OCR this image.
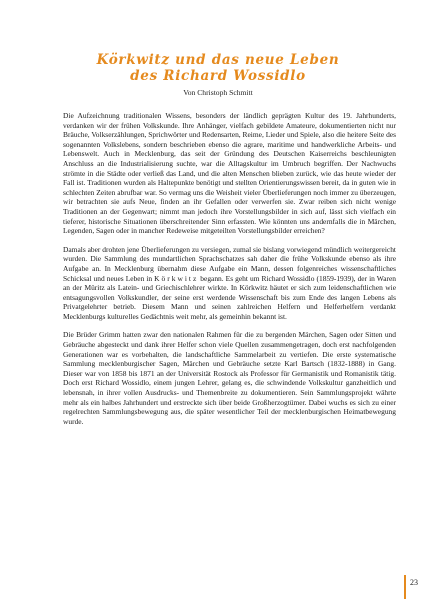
Körkwitz und das neue Leben
des Richard Wossidlo
Von Christoph Schmitt

Die Aufzeichnung traditionalen Wissens, besonders der ländlich geprägten Kultur des 19. Jahrhunderts, verdanken wir der frühen Volkskunde. Ihre Anhänger, vielfach gebildete Amateure, dokumentierten nicht nur Bräuche, Volkserzählungen, Sprichwörter und Redensarten, Reime, Lieder und Spiele, also die heitere Seite des sogenannten Volkslebens, sondern beschrieben ebenso die agrare, maritime und handwerkliche Arbeits- und Lebenswelt. Auch in Mecklenburg, das seit der Gründung des Deutschen Kaiserreichs beschleunigten Anschluss an die Industrialisierung suchte, war die Alltagskultur im Umbruch begriffen. Der Nachwuchs strömte in die Städte oder verließ das Land, und die alten Menschen blieben zurück, wie das heute wieder der Fall ist. Traditionen wurden als Haltepunkte benötigt und stellten Orientierungswissen bereit, da in guten wie in schlechten Zeiten abrufbar war. So vermag uns die Weisheit vieler Überlieferungen noch immer zu überzeugen, wir betrachten sie aufs Neue, finden an ihr Gefallen oder verwerfen sie. Zwar reiben sich nicht wenige Traditionen an der Gegenwart; nimmt man jedoch ihre Vorstellungsbilder in sich auf, lässt sich vielfach ein tieferer, historische Situationen überschreitender Sinn erfassten. Wie könnten uns andernfalls die in Märchen, Legenden, Sagen oder in mancher Redeweise mitgeteilten Vorstellungsbilder erreichen?

Damals aber drohten jene Überlieferungen zu versiegen, zumal sie bislang vorwiegend mündlich weitergereicht wurden. Die Sammlung des mundartlichen Sprachschatzes sah daher die frühe Volkskunde ebenso als ihre Aufgabe an. In Mecklenburg übernahm diese Aufgabe ein Mann, dessen folgenreiches wissenschaftliches Schicksal und neues Leben in Körkwitz begann. Es geht um Richard Wossidlo (1859-1939), der in Waren an der Müritz als Latein- und Griechischlehrer wirkte. In Körkwitz häutet er sich zum leidenschaftlichen wie entsagungsvollen Volkskundler, der seine erst werdende Wissenschaft bis zum Ende des langen Lebens als Privatgelehrter betrieb. Diesem Mann und seinen zahlreichen Helfern und Helferhelfern verdankt Mecklenburgs kulturelles Gedächtnis weit mehr, als gemeinhin bekannt ist.

Die Brüder Grimm hatten zwar den nationalen Rahmen für die zu bergenden Märchen, Sagen oder Sitten und Gebräuche abgesteckt und dank ihrer Helfer schon viele Quellen zusammengetragen, doch erst nachfolgenden Generationen war es vorbehalten, die landschaftliche Sammelarbeit zu vertiefen. Die erste systematische Sammlung mecklenburgischer Sagen, Märchen und Gebräuche setzte Karl Bartsch (1832-1888) in Gang. Dieser war von 1858 bis 1871 an der Universität Rostock als Professor für Germanistik und Romanistik tätig. Doch erst Richard Wossidlo, einem jungen Lehrer, gelang es, die schwindende Volkskultur ganzheitlich und lebensnah, in ihrer vollen Ausdrucks- und Themenbreite zu dokumentieren. Sein Sammlungsprojekt währte mehr als ein halbes Jahrhundert und erstreckte sich über beide Großherzogtümer. Dabei wuchs es sich zu einer regelrechten Sammlungsbewegung aus, die später wesentlicher Teil der mecklenburgischen Heimatbewegung wurde.

23
